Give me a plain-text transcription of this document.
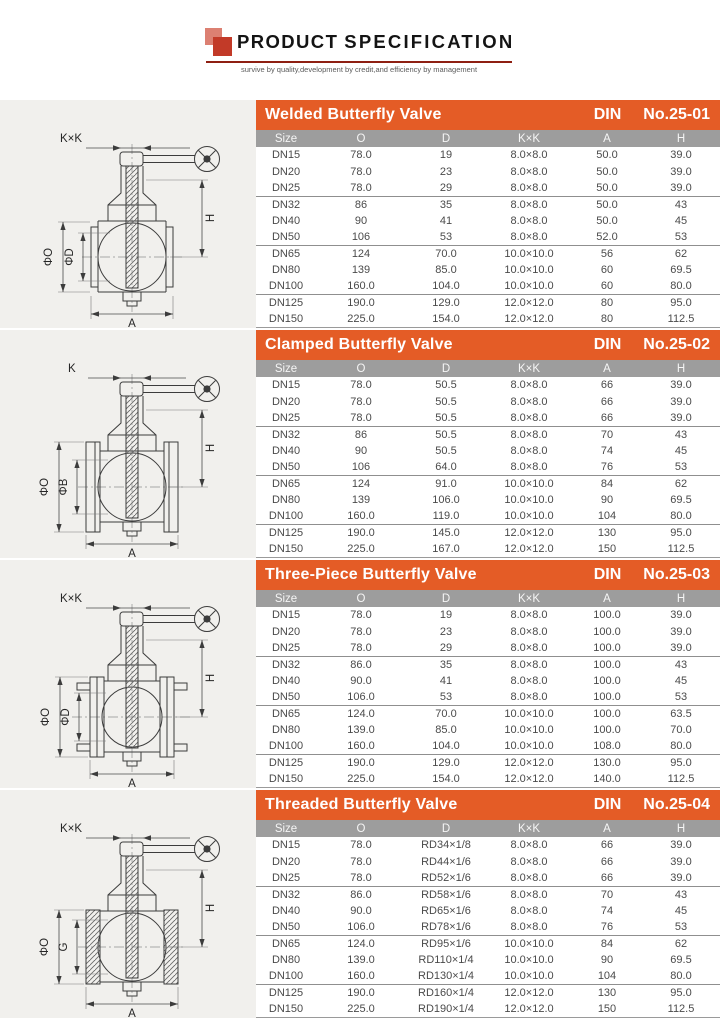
PRODUCT SPECIFICATION
survive by quality,development by credit,and efficiency by management
K×K
ΦO ΦD
H
A
Welded Butterfly Valve	DIN No.25-01
Size	O	D	K×K	A	H
DN15	78.0	19	8.0×8.0	50.0	39.0
DN20	78.0	23	8.0×8.0	50.0	39.0
DN25	78.0	29	8.0×8.0	50.0	39.0
DN32	86	35	8.0×8.0	50.0	43
DN40	90	41	8.0×8.0	50.0	45
DN50	106	53	8.0×8.0	52.0	53
DN65	124	70.0	10.0×10.0	56	62
DN80	139	85.0	10.0×10.0	60	69.5
DN100	160.0	104.0	10.0×10.0	60	80.0
DN125	190.0	129.0	12.0×12.0	80	95.0
DN150	225.0	154.0	12.0×12.0	80	112.5
K
ΦO ΦB
H
A
Clamped Butterfly Valve	DIN No.25-02
Size	O	D	K×K	A	H
DN15	78.0	50.5	8.0×8.0	66	39.0
DN20	78.0	50.5	8.0×8.0	66	39.0
DN25	78.0	50.5	8.0×8.0	66	39.0
DN32	86	50.5	8.0×8.0	70	43
DN40	90	50.5	8.0×8.0	74	45
DN50	106	64.0	8.0×8.0	76	53
DN65	124	91.0	10.0×10.0	84	62
DN80	139	106.0	10.0×10.0	90	69.5
DN100	160.0	119.0	10.0×10.0	104	80.0
DN125	190.0	145.0	12.0×12.0	130	95.0
DN150	225.0	167.0	12.0×12.0	150	112.5
K×K
ΦO ΦD
H
A
Three-Piece Butterfly Valve	DIN No.25-03
Size	O	D	K×K	A	H
DN15	78.0	19	8.0×8.0	100.0	39.0
DN20	78.0	23	8.0×8.0	100.0	39.0
DN25	78.0	29	8.0×8.0	100.0	39.0
DN32	86.0	35	8.0×8.0	100.0	43
DN40	90.0	41	8.0×8.0	100.0	45
DN50	106.0	53	8.0×8.0	100.0	53
DN65	124.0	70.0	10.0×10.0	100.0	63.5
DN80	139.0	85.0	10.0×10.0	100.0	70.0
DN100	160.0	104.0	10.0×10.0	108.0	80.0
DN125	190.0	129.0	12.0×12.0	130.0	95.0
DN150	225.0	154.0	12.0×12.0	140.0	112.5
K×K
ΦO G
H
A
Threaded Butterfly Valve	DIN No.25-04
Size	O	D	K×K	A	H
DN15	78.0	RD34×1/8	8.0×8.0	66	39.0
DN20	78.0	RD44×1/6	8.0×8.0	66	39.0
DN25	78.0	RD52×1/6	8.0×8.0	66	39.0
DN32	86.0	RD58×1/6	8.0×8.0	70	43
DN40	90.0	RD65×1/6	8.0×8.0	74	45
DN50	106.0	RD78×1/6	8.0×8.0	76	53
DN65	124.0	RD95×1/6	10.0×10.0	84	62
DN80	139.0	RD110×1/4	10.0×10.0	90	69.5
DN100	160.0	RD130×1/4	10.0×10.0	104	80.0
DN125	190.0	RD160×1/4	12.0×12.0	130	95.0
DN150	225.0	RD190×1/4	12.0×12.0	150	112.5
